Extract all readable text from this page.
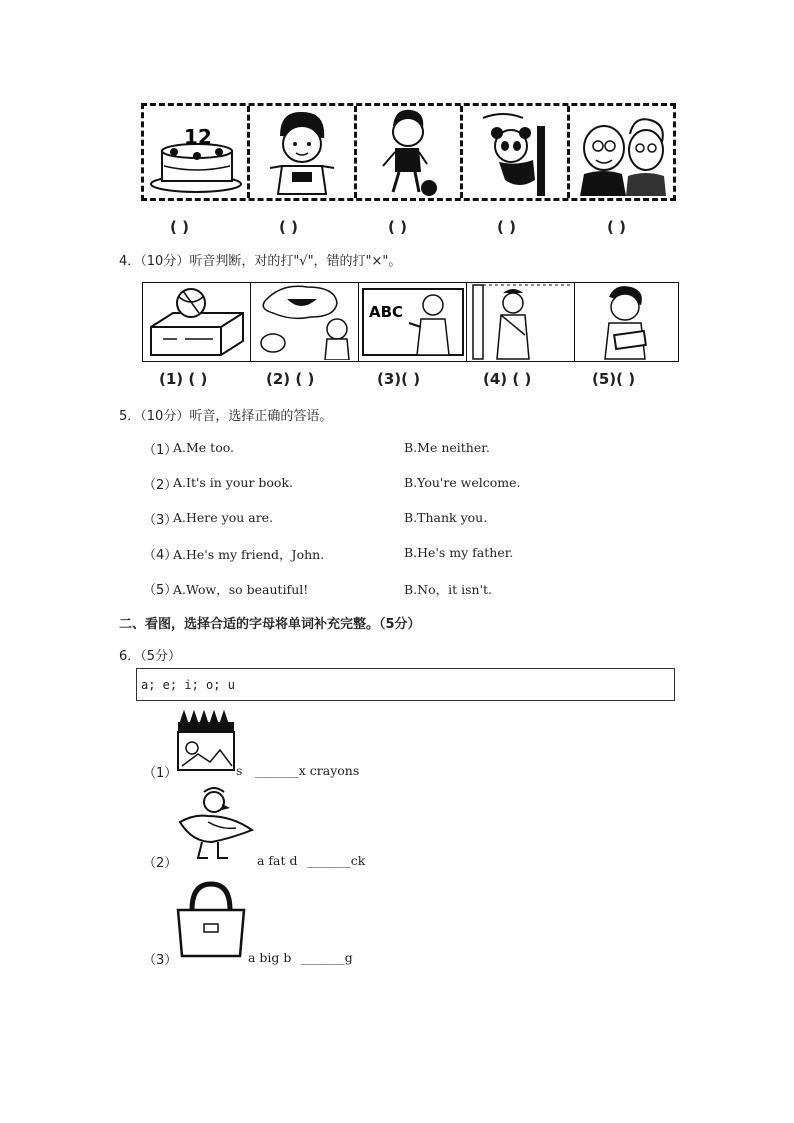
12
( )	( )	( )	( )	( )
4．（10分）听音判断，对的打"√"，错的打"×"。
ABC
(1) ( )	(2) ( )	(3)( )	(4) ( )	(5)( )
5．（10分）听音，选择正确的答语。
（1）
A.Me too.	B.Me neither.
（2）
A.It's in your book.	B.You're welcome.
（3）
A.Here you are.	B.Thank you.
（4）
A.He's my friend，John.	B.He's my father.
（5）
A.Wow，so beautiful!	B.No，it isn't.
二、看图，选择合适的字母将单词补充完整。（5分）
6．（5分）
a; e; i; o; u
（1）	s _______x crayons
（2）	a fat d _______ck
（3）	a big b _______g
